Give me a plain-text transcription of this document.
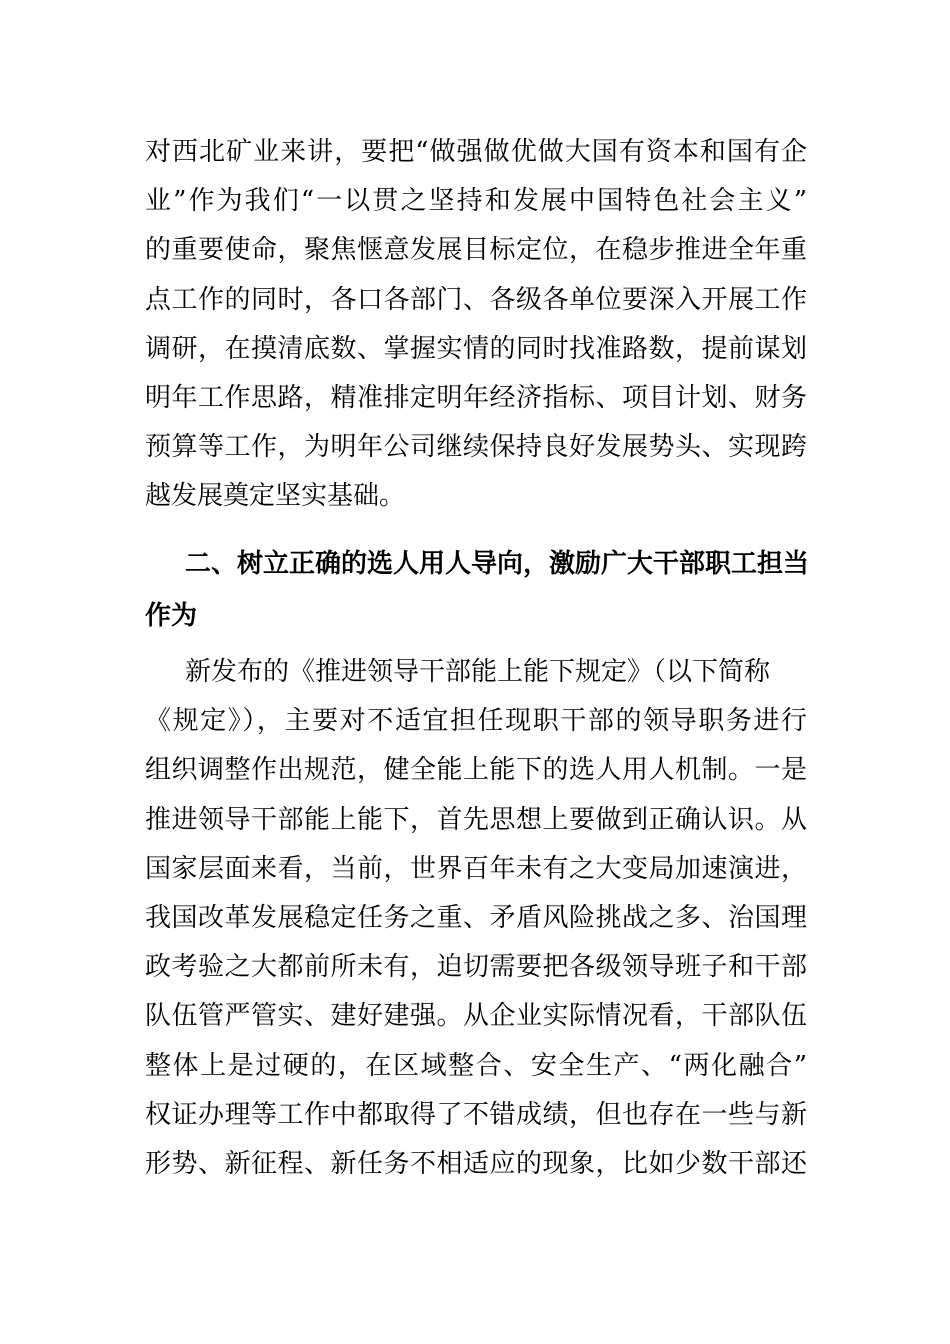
对西北矿业来讲，要把“做强做优做大国有资本和国有企
业”作为我们“一以贯之坚持和发展中国特色社会主义”
的重要使命，聚焦惬意发展目标定位，在稳步推进全年重
点工作的同时，各口各部门、各级各单位要深入开展工作
调研，在摸清底数、掌握实情的同时找准路数，提前谋划
明年工作思路，精准排定明年经济指标、项目计划、财务
预算等工作，为明年公司继续保持良好发展势头、实现跨
越发展奠定坚实基础。
二、树立正确的选人用人导向，激励广大干部职工担当
作为
新发布的《推进领导干部能上能下规定》（以下简称
《规定》），主要对不适宜担任现职干部的领导职务进行
组织调整作出规范，健全能上能下的选人用人机制。一是
推进领导干部能上能下，首先思想上要做到正确认识。从
国家层面来看，当前，世界百年未有之大变局加速演进，
我国改革发展稳定任务之重、矛盾风险挑战之多、治国理
政考验之大都前所未有，迫切需要把各级领导班子和干部
队伍管严管实、建好建强。从企业实际情况看，干部队伍
整体上是过硬的，在区域整合、安全生产、“两化融合”
权证办理等工作中都取得了不错成绩，但也存在一些与新
形势、新征程、新任务不相适应的现象，比如少数干部还
